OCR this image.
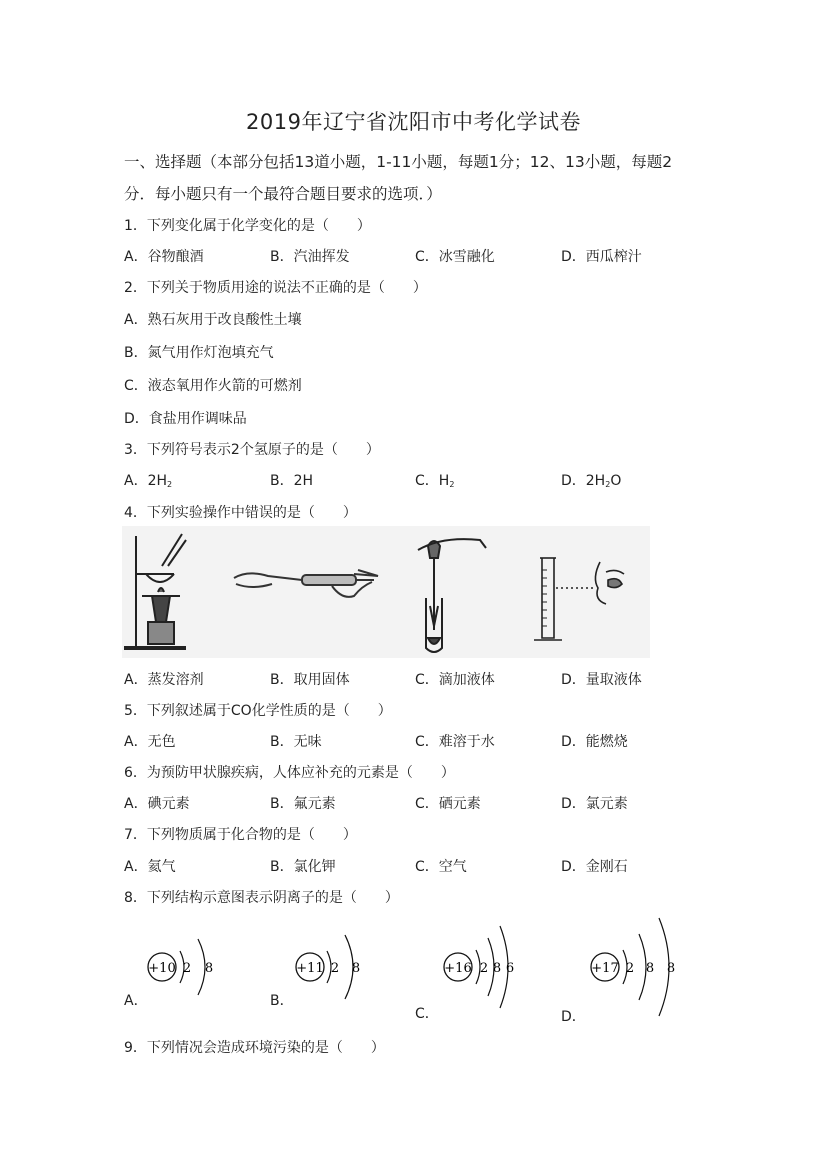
2019年辽宁省沈阳市中考化学试卷
一、选择题（本部分包括13道小题，1-11小题，每题1分；12、13小题，每题2
分．每小题只有一个最符合题目要求的选项．）
1．下列变化属于化学变化的是（　　）
A．谷物酿酒	B．汽油挥发	C．冰雪融化	D．西瓜榨汁
2．下列关于物质用途的说法不正确的是（　　）
A．熟石灰用于改良酸性土壤
B．氮气用作灯泡填充气
C．液态氧用作火箭的可燃剂
D．食盐用作调味品
3．下列符号表示2个氢原子的是（　　）
A．$2H_2$	B．2H	C．$H_2$	D．$2H_2O$
4．下列实验操作中错误的是（　　）
A．蒸发溶剂	B．取用固体	C．滴加液体	D．量取液体
5．下列叙述属于CO化学性质的是（　　）
A．无色	B．无味	C．难溶于水	D．能燃烧
6．为预防甲状腺疾病，人体应补充的元素是（　　）
A．碘元素	B．氟元素	C．硒元素	D．氯元素
7．下列物质属于化合物的是（　　）
A．氦气	B．氯化钾	C．空气	D．金刚石
8．下列结构示意图表示阴离子的是（　　）
+10 2 8
A．
+11 2 8
B．
+16 2 8 6
C．
+17 2 8 8
D．
9．下列情况会造成环境污染的是（　　）
